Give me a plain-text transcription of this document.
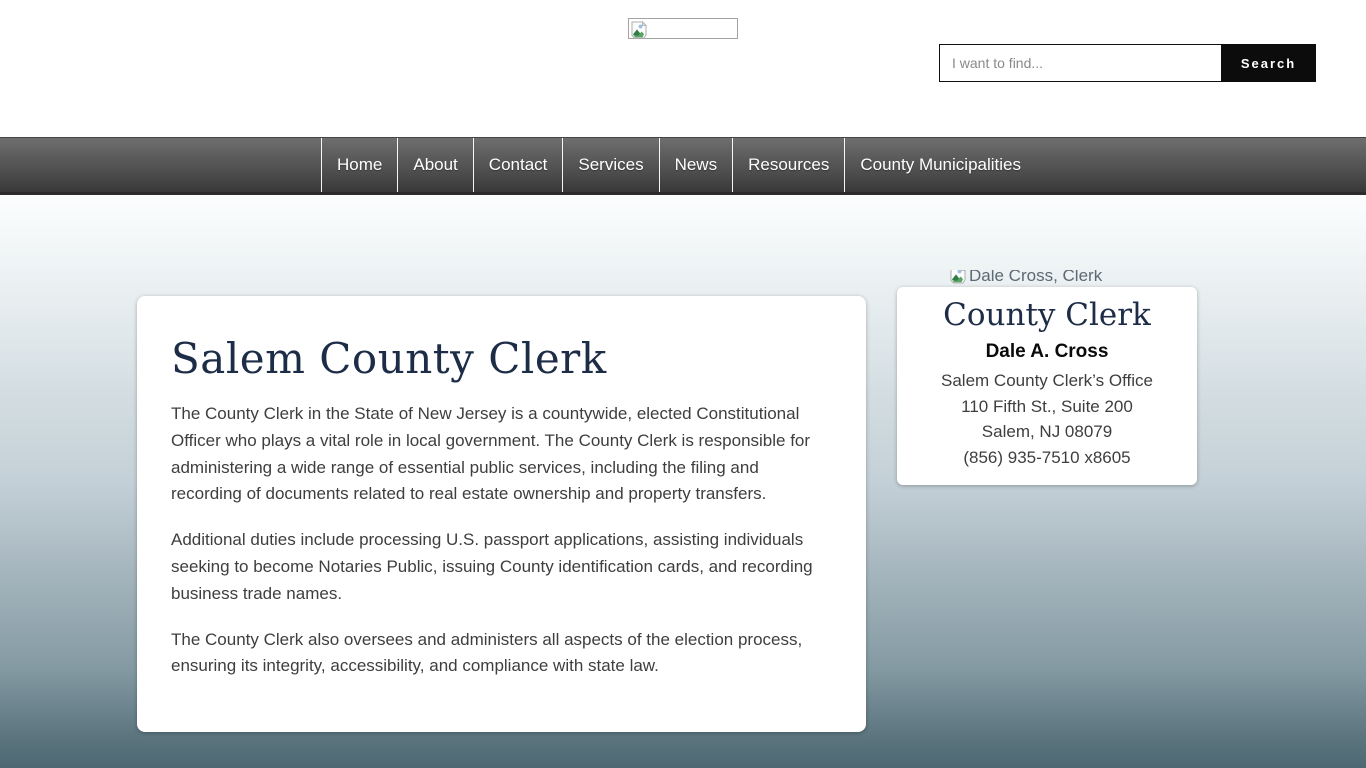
I want to find...
Search
Home	About	Contact	Services	News	Resources	County Municipalities
Salem County Clerk

The County Clerk in the State of New Jersey is a countywide, elected Constitutional Officer who plays a vital role in local government. The County Clerk is responsible for administering a wide range of essential public services, including the filing and recording of documents related to real estate ownership and property transfers.

Additional duties include processing U.S. passport applications, assisting individuals seeking to become Notaries Public, issuing County identification cards, and recording business trade names.

The County Clerk also oversees and administers all aspects of the election process, ensuring its integrity, accessibility, and compliance with state law.

Dale Cross, Clerk
County Clerk
Dale A. Cross
Salem County Clerk’s Office
110 Fifth St., Suite 200
Salem, NJ 08079
(856) 935-7510 x8605
